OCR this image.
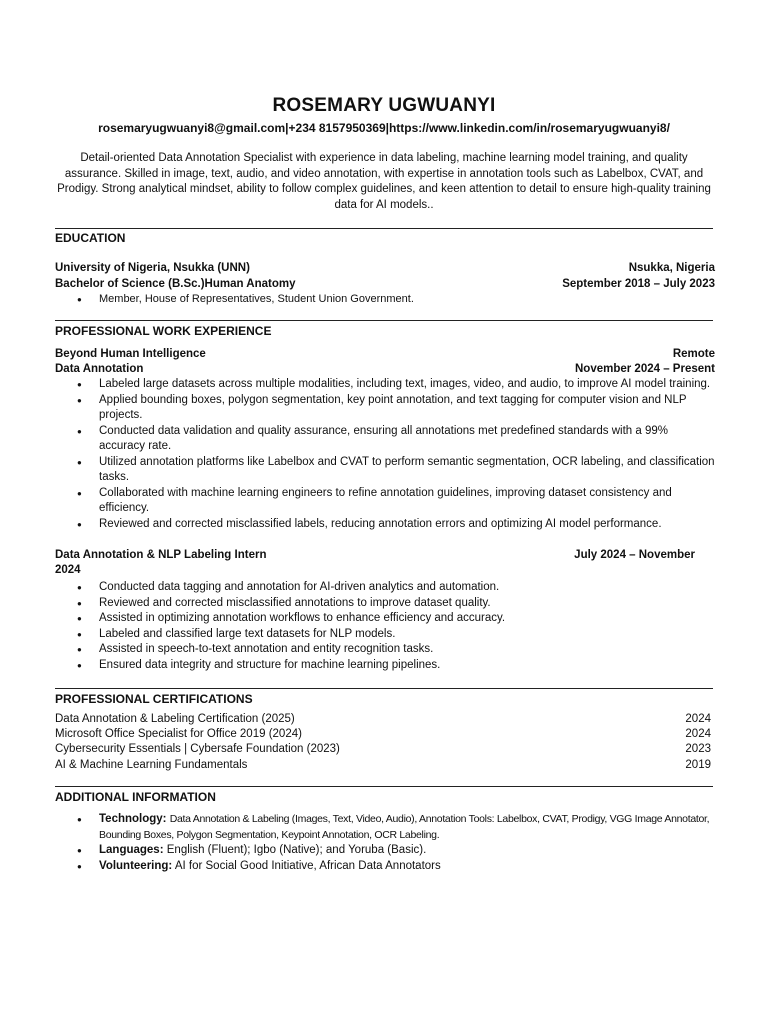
ROSEMARY UGWUANYI
rosemaryugwuanyi8@gmail.com|+234 8157950369|https://www.linkedin.com/in/rosemaryugwuanyi8/
Detail-oriented Data Annotation Specialist with experience in data labeling, machine learning model training, and quality assurance. Skilled in image, text, audio, and video annotation, with expertise in annotation tools such as Labelbox, CVAT, and Prodigy. Strong analytical mindset, ability to follow complex guidelines, and keen attention to detail to ensure high-quality training data for AI models..
EDUCATION
University of Nigeria, Nsukka (UNN)	Nsukka, Nigeria
Bachelor of Science (B.Sc.)Human Anatomy	September 2018 – July 2023
● Member, House of Representatives, Student Union Government.
PROFESSIONAL WORK EXPERIENCE
Beyond Human Intelligence	Remote
Data Annotation	November 2024 – Present
● Labeled large datasets across multiple modalities, including text, images, video, and audio, to improve AI model training.
● Applied bounding boxes, polygon segmentation, key point annotation, and text tagging for computer vision and NLP projects.
● Conducted data validation and quality assurance, ensuring all annotations met predefined standards with a 99% accuracy rate.
● Utilized annotation platforms like Labelbox and CVAT to perform semantic segmentation, OCR labeling, and classification tasks.
● Collaborated with machine learning engineers to refine annotation guidelines, improving dataset consistency and efficiency.
● Reviewed and corrected misclassified labels, reducing annotation errors and optimizing AI model performance.
Data Annotation & NLP Labeling Intern	July 2024 – November
2024
● Conducted data tagging and annotation for AI-driven analytics and automation.
● Reviewed and corrected misclassified annotations to improve dataset quality.
● Assisted in optimizing annotation workflows to enhance efficiency and accuracy.
● Labeled and classified large text datasets for NLP models.
● Assisted in speech-to-text annotation and entity recognition tasks.
● Ensured data integrity and structure for machine learning pipelines.
PROFESSIONAL CERTIFICATIONS
Data Annotation & Labeling Certification (2025)	2024
Microsoft Office Specialist for Office 2019 (2024)	2024
Cybersecurity Essentials | Cybersafe Foundation (2023)	2023
AI & Machine Learning Fundamentals	2019
ADDITIONAL INFORMATION
● Technology: Data Annotation & Labeling (Images, Text, Video, Audio), Annotation Tools: Labelbox, CVAT, Prodigy, VGG Image Annotator, Bounding Boxes, Polygon Segmentation, Keypoint Annotation, OCR Labeling.
● Languages: English (Fluent); Igbo (Native); and Yoruba (Basic).
● Volunteering: AI for Social Good Initiative, African Data Annotators
